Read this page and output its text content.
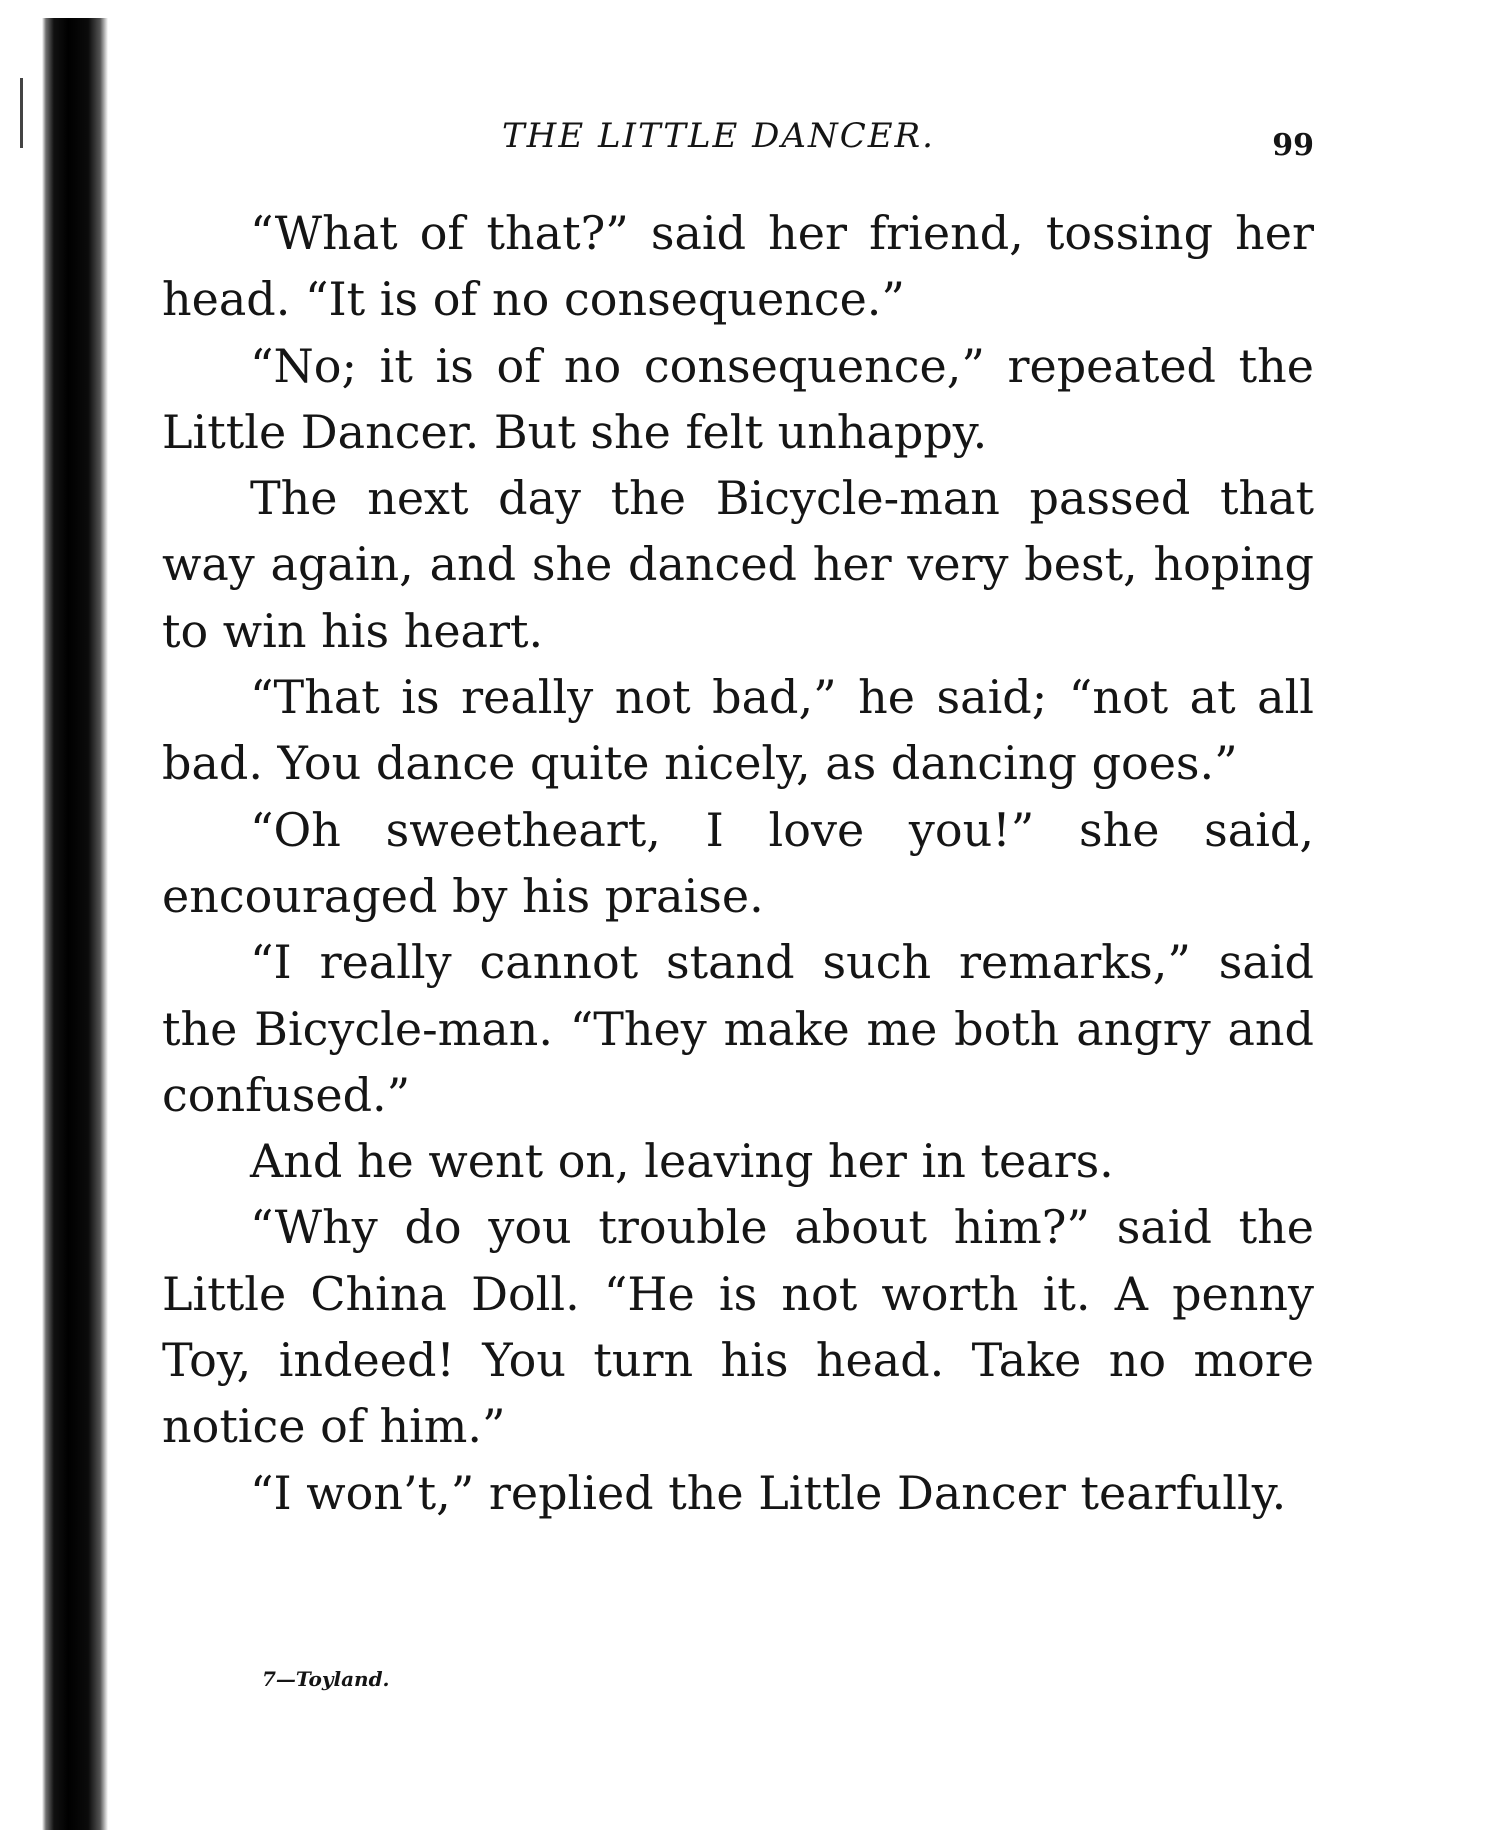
THE LITTLE DANCER.	99

“What of that?” said her friend, tossing her head. “It is of no consequence.”

“No; it is of no consequence,” repeated the Little Dancer. But she felt unhappy.

The next day the Bicycle-man passed that way again, and she danced her very best, hoping to win his heart.

“That is really not bad,” he said; “not at all bad. You dance quite nicely, as dancing goes.”

“Oh sweetheart, I love you!” she said, encouraged by his praise.

“I really cannot stand such remarks,” said the Bicycle-man. “They make me both angry and confused.”

And he went on, leaving her in tears.

“Why do you trouble about him?” said the Little China Doll. “He is not worth it. A penny Toy, indeed! You turn his head. Take no more notice of him.”

“I won’t,” replied the Little Dancer tearfully.

7—Toyland.
